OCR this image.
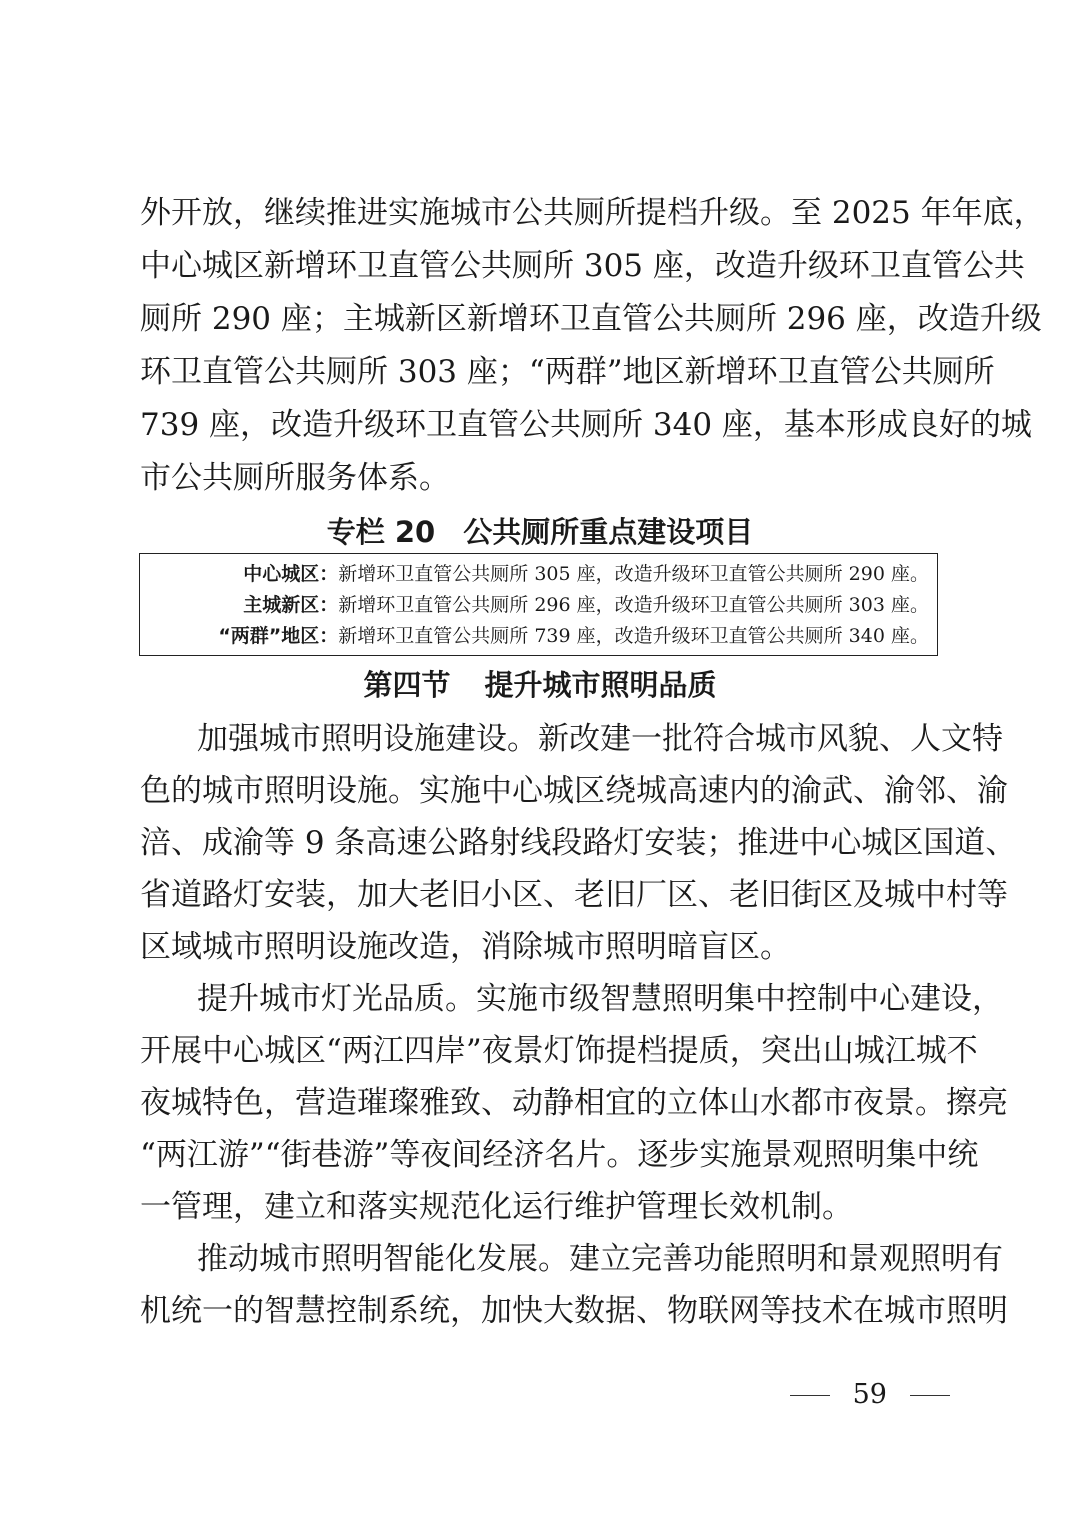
外开放，继续推进实施城市公共厕所提档升级。至 2025 年年底，
中心城区新增环卫直管公共厕所 305 座，改造升级环卫直管公共
厕所 290 座；主城新区新增环卫直管公共厕所 296 座，改造升级
环卫直管公共厕所 303 座；“两群”地区新增环卫直管公共厕所
739 座，改造升级环卫直管公共厕所 340 座，基本形成良好的城
市公共厕所服务体系。
专栏 20 公共厕所重点建设项目
中心城区：新增环卫直管公共厕所 305 座，改造升级环卫直管公共厕所 290 座。
主城新区：新增环卫直管公共厕所 296 座，改造升级环卫直管公共厕所 303 座。
“两群”地区：新增环卫直管公共厕所 739 座，改造升级环卫直管公共厕所 340 座。
第四节 提升城市照明品质
加强城市照明设施建设。新改建一批符合城市风貌、人文特
色的城市照明设施。实施中心城区绕城高速内的渝武、渝邻、渝
涪、成渝等 9 条高速公路射线段路灯安装；推进中心城区国道、
省道路灯安装，加大老旧小区、老旧厂区、老旧街区及城中村等
区域城市照明设施改造，消除城市照明暗盲区。
提升城市灯光品质。实施市级智慧照明集中控制中心建设，
开展中心城区“两江四岸”夜景灯饰提档提质，突出山城江城不
夜城特色，营造璀璨雅致、动静相宜的立体山水都市夜景。擦亮
“两江游”“街巷游”等夜间经济名片。逐步实施景观照明集中统
一管理，建立和落实规范化运行维护管理长效机制。
推动城市照明智能化发展。建立完善功能照明和景观照明有
机统一的智慧控制系统，加快大数据、物联网等技术在城市照明
59
